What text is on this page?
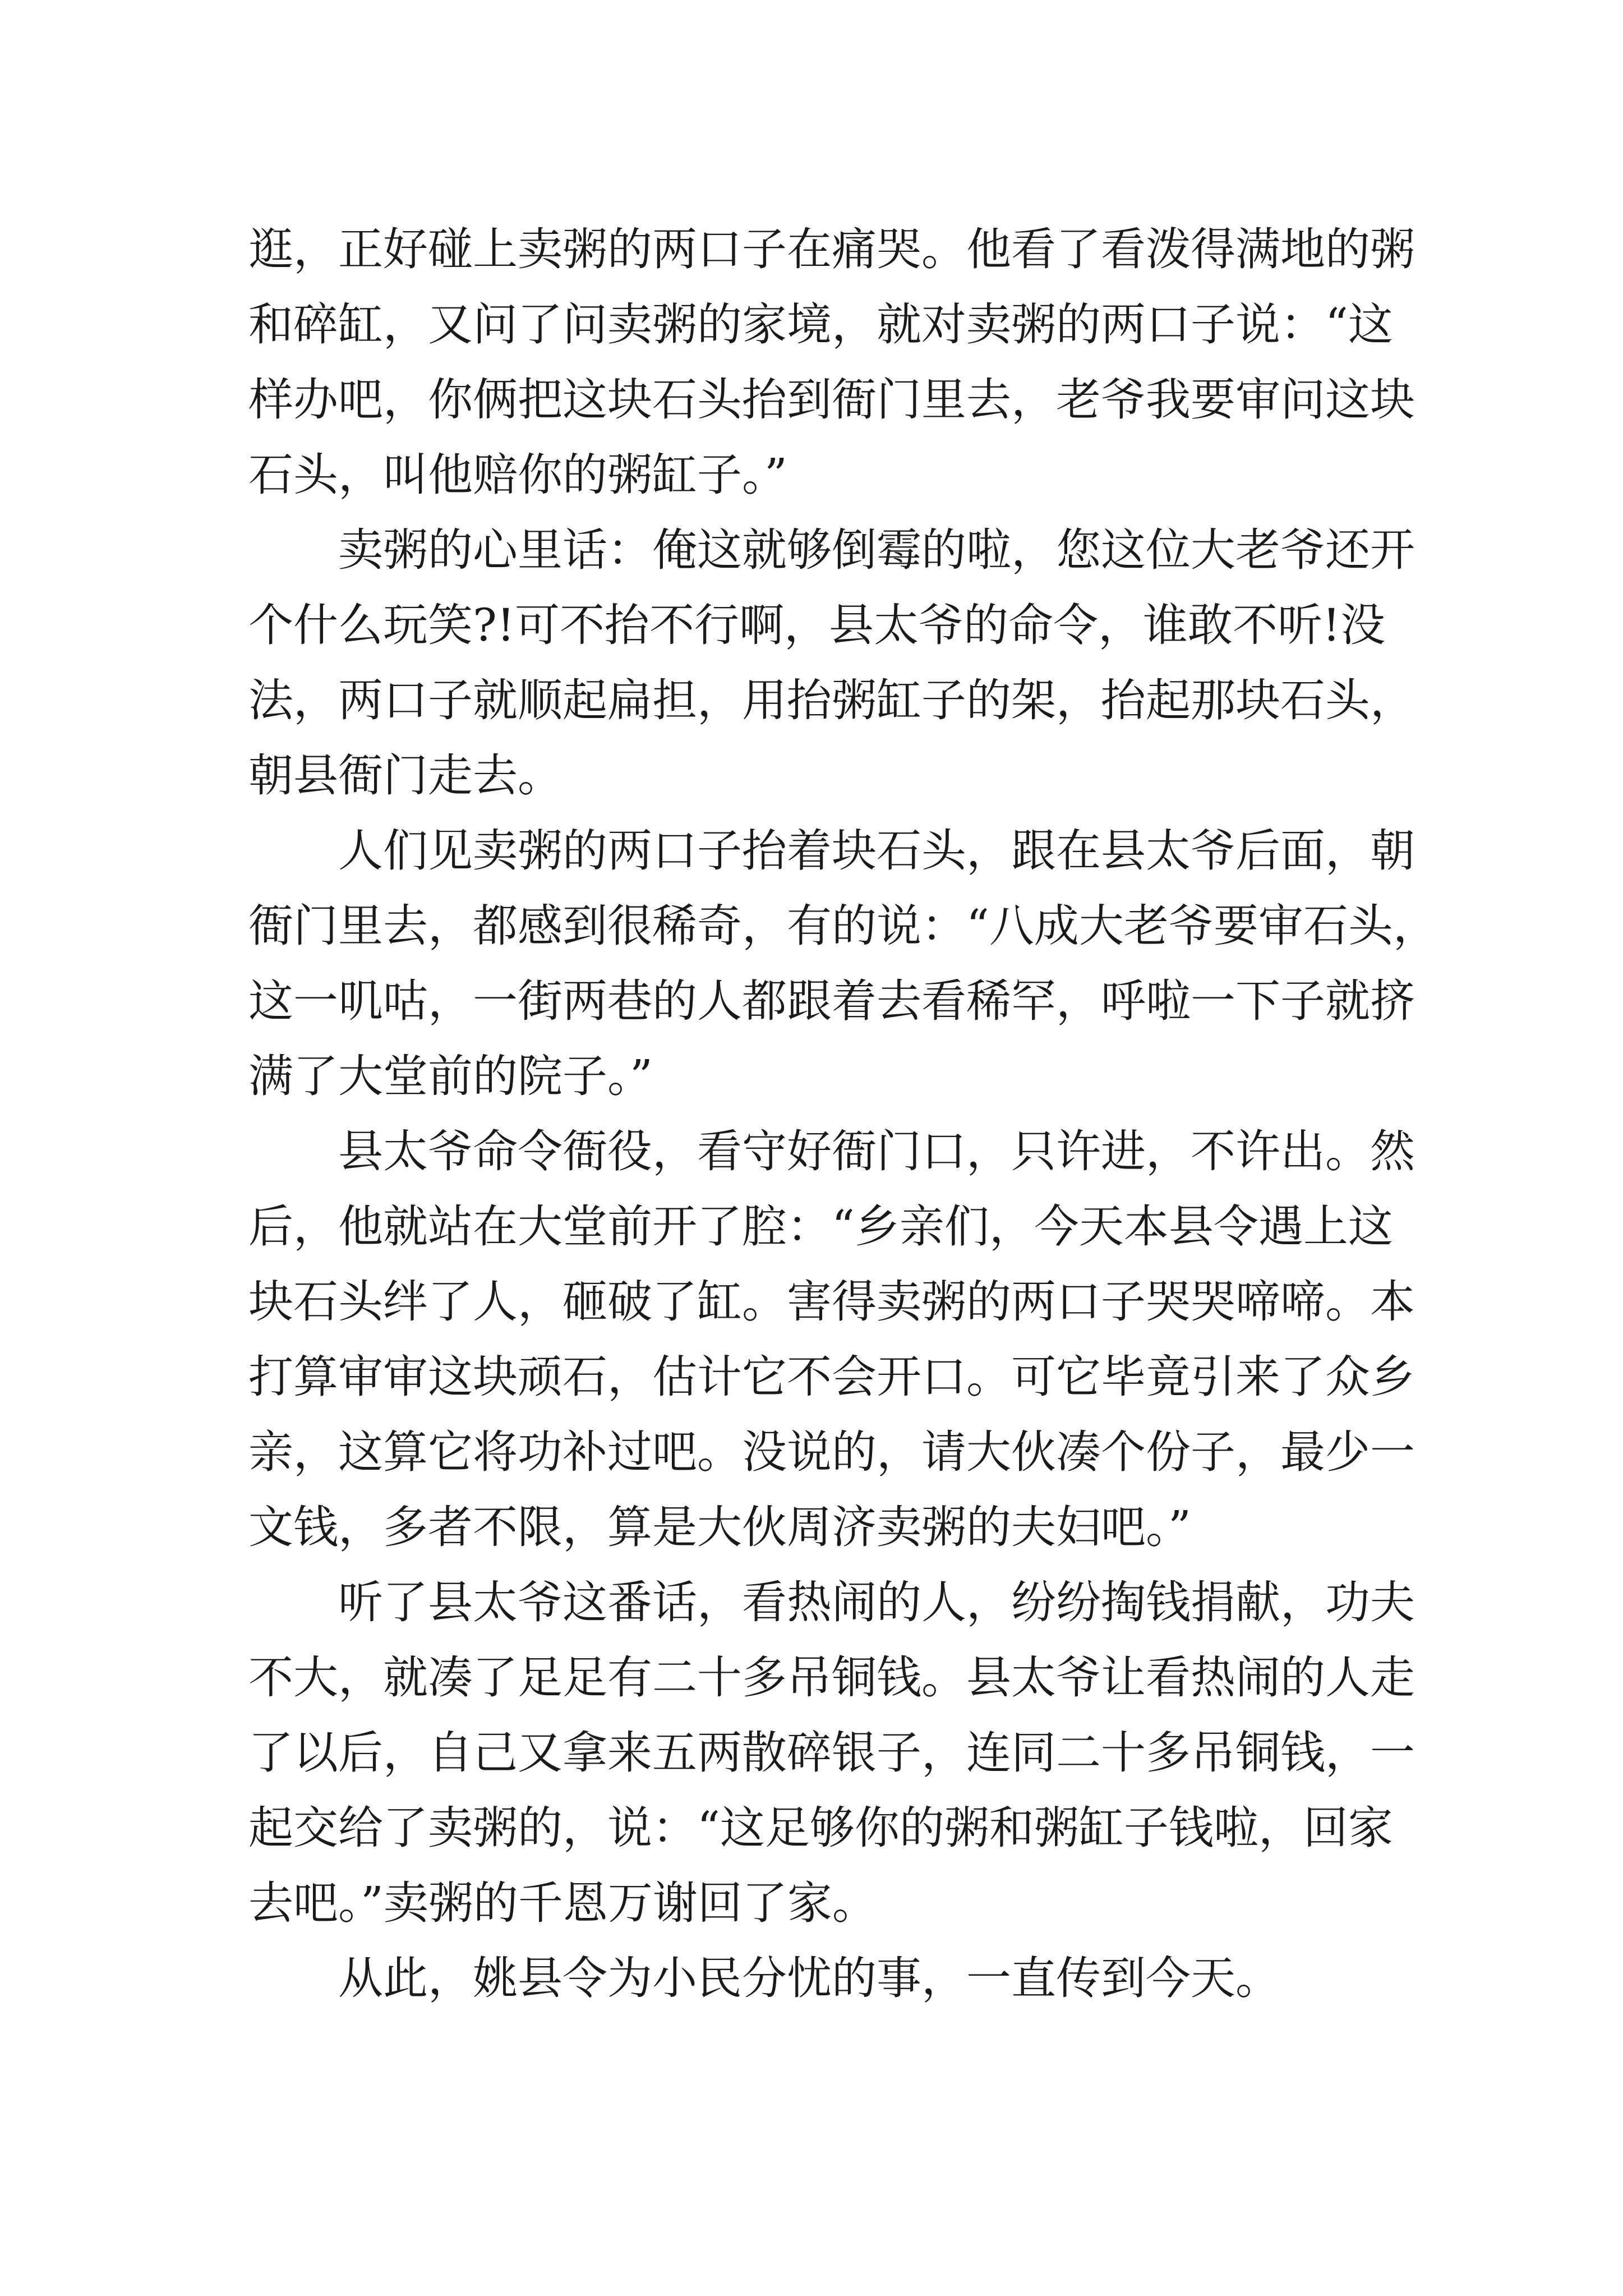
逛，正好碰上卖粥的两口子在痛哭。他看了看泼得满地的粥
和碎缸，又问了问卖粥的家境，就对卖粥的两口子说：“这
样办吧，你俩把这块石头抬到衙门里去，老爷我要审问这块
石头，叫他赔你的粥缸子。”
卖粥的心里话：俺这就够倒霉的啦，您这位大老爷还开
个什么玩笑?!可不抬不行啊，县太爷的命令，谁敢不听!没
法，两口子就顺起扁担，用抬粥缸子的架，抬起那块石头，
朝县衙门走去。
人们见卖粥的两口子抬着块石头，跟在县太爷后面，朝
衙门里去，都感到很稀奇，有的说：“八成大老爷要审石头，
这一叽咕，一街两巷的人都跟着去看稀罕，呼啦一下子就挤
满了大堂前的院子。”
县太爷命令衙役，看守好衙门口，只许进，不许出。然
后，他就站在大堂前开了腔：“乡亲们，今天本县令遇上这
块石头绊了人，砸破了缸。害得卖粥的两口子哭哭啼啼。本
打算审审这块顽石，估计它不会开口。可它毕竟引来了众乡
亲，这算它将功补过吧。没说的，请大伙凑个份子，最少一
文钱，多者不限，算是大伙周济卖粥的夫妇吧。”
听了县太爷这番话，看热闹的人，纷纷掏钱捐献，功夫
不大，就凑了足足有二十多吊铜钱。县太爷让看热闹的人走
了以后，自己又拿来五两散碎银子，连同二十多吊铜钱，一
起交给了卖粥的，说：“这足够你的粥和粥缸子钱啦，回家
去吧。”卖粥的千恩万谢回了家。
从此，姚县令为小民分忧的事，一直传到今天。
